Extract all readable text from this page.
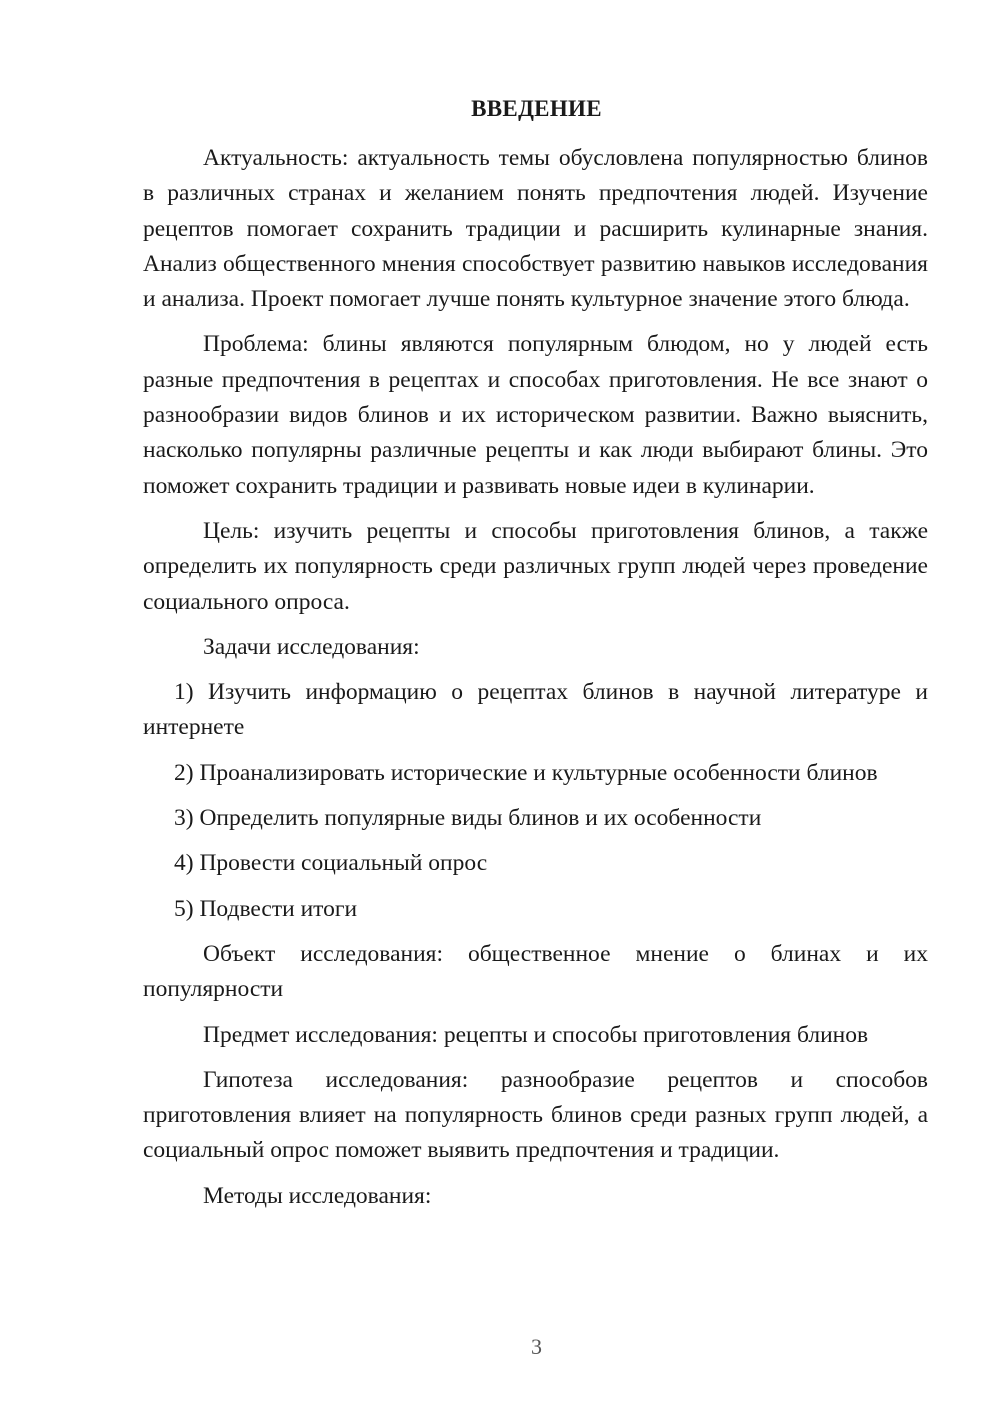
ВВЕДЕНИЕ

Актуальность: актуальность темы обусловлена популярностью блинов в различных странах и желанием понять предпочтения людей. Изучение рецептов помогает сохранить традиции и расширить кулинарные знания. Анализ общественного мнения способствует развитию навыков исследования и анализа. Проект помогает лучше понять культурное значение этого блюда.

Проблема: блины являются популярным блюдом, но у людей есть разные предпочтения в рецептах и способах приготовления. Не все знают о разнообразии видов блинов и их историческом развитии. Важно выяснить, насколько популярны различные рецепты и как люди выбирают блины. Это поможет сохранить традиции и развивать новые идеи в кулинарии.

Цель: изучить рецепты и способы приготовления блинов, а также определить их популярность среди различных групп людей через проведение социального опроса.

Задачи исследования:

1) Изучить информацию о рецептах блинов в научной литературе и интернете

2) Проанализировать исторические и культурные особенности блинов

3) Определить популярные виды блинов и их особенности

4) Провести социальный опрос

5) Подвести итоги

Объект исследования: общественное мнение о блинах и их популярности

Предмет исследования: рецепты и способы приготовления блинов

Гипотеза исследования: разнообразие рецептов и способов приготовления влияет на популярность блинов среди разных групп людей, а социальный опрос поможет выявить предпочтения и традиции.

Методы исследования:

3
